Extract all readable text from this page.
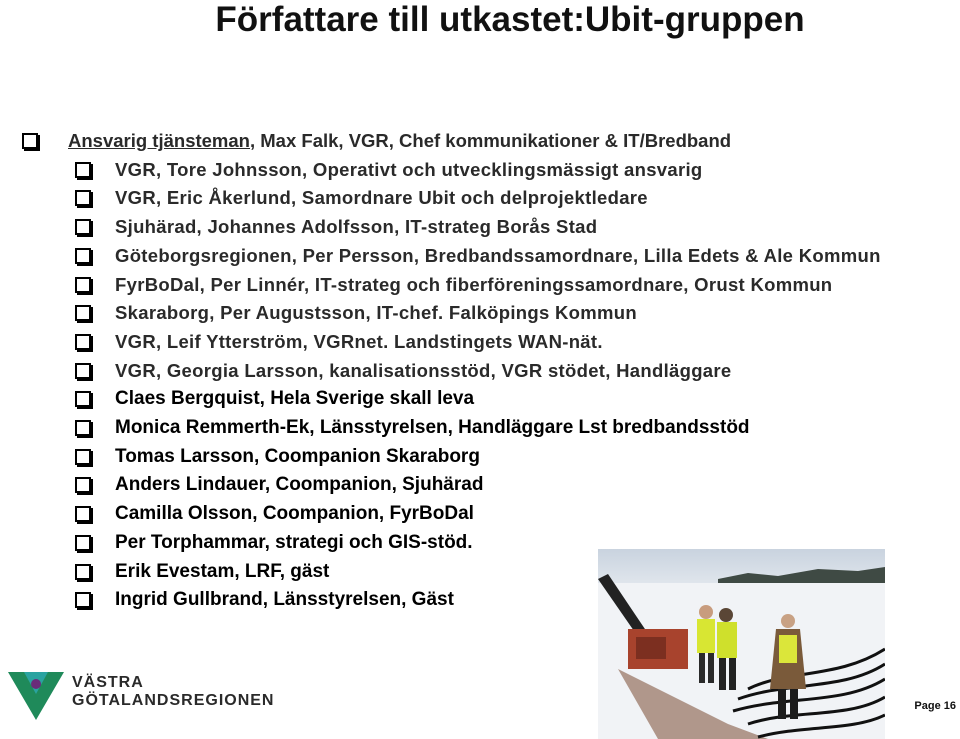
Författare till utkastet:Ubit-gruppen
Ansvarig tjänsteman, Max Falk, VGR, Chef kommunikationer & IT/Bredband
VGR, Tore Johnsson, Operativt och utvecklingsmässigt ansvarig
VGR, Eric Åkerlund, Samordnare Ubit och delprojektledare
Sjuhärad, Johannes Adolfsson, IT-strateg Borås Stad
Göteborgsregionen, Per Persson, Bredbandssamordnare, Lilla Edets & Ale Kommun
FyrBoDal, Per Linnér, IT-strateg och fiberföreningssamordnare, Orust Kommun
Skaraborg, Per Augustsson, IT-chef. Falköpings Kommun
VGR, Leif Ytterström, VGRnet. Landstingets WAN-nät.
VGR, Georgia Larsson, kanalisationsstöd, VGR stödet, Handläggare
Claes Bergquist, Hela Sverige skall leva
Monica Remmerth-Ek, Länsstyrelsen, Handläggare Lst bredbandsstöd
Tomas Larsson, Coompanion Skaraborg
Anders Lindauer, Coompanion, Sjuhärad
Camilla Olsson, Coompanion, FyrBoDal
Per Torphammar, strategi och GIS-stöd.
Erik Evestam, LRF, gäst
Ingrid Gullbrand, Länsstyrelsen, Gäst
VÄSTRA
GÖTALANDSREGIONEN	Page 16
